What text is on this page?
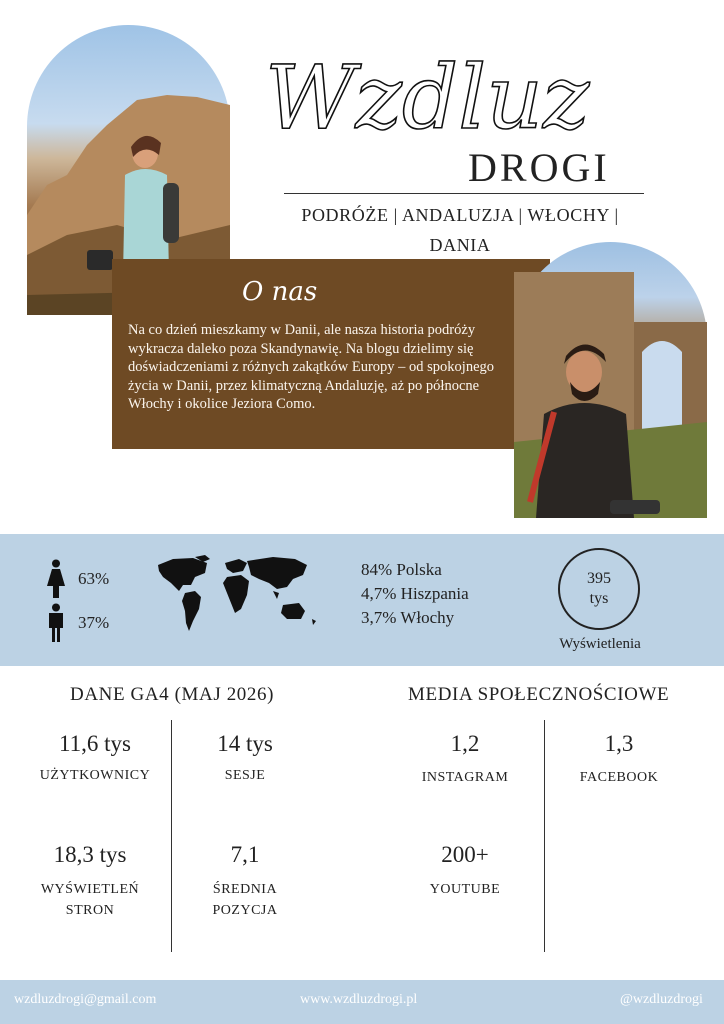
Wzdluz
DROGI
PODRÓŻE | ANDALUZJA | WŁOCHY |
DANIA
O nas
Na co dzień mieszkamy w Danii, ale nasza historia podróży wykracza daleko poza Skandynawię. Na blogu dzielimy się doświadczeniami z różnych zakątków Europy – od spokojnego życia w Danii, przez klimatyczną Andaluzję, aż po północne Włochy i okolice Jeziora Como.
63%
37%
84% Polska
4,7% Hiszpania
3,7% Włochy
395
tys
Wyświetlenia
DANE GA4 (MAJ 2026)
11,6 tys
UŻYTKOWNICY
14 tys
SESJE
18,3 tys
WYŚWIETLEŃ
STRON
7,1
ŚREDNIA
POZYCJA
MEDIA SPOŁECZNOŚCIOWE
1,2
INSTAGRAM
1,3
FACEBOOK
200+
YOUTUBE
wzdluzdrogi@gmail.com	www.wzdluzdrogi.pl	@wzdluzdrogi
